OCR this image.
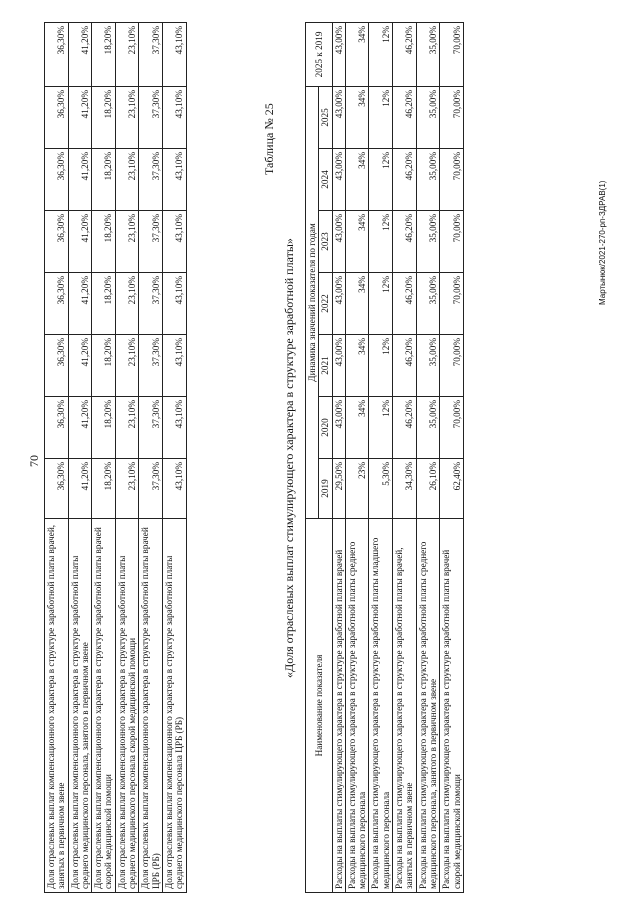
70
Доля отраслевых выплат компенсационного характера в структуре заработной платы врачей, занятых в первичном звене	36,30%	36,30%	36,30%	36,30%	36,30%	36,30%	36,30%	36,30%
Доля отраслевых выплат компенсационного характера в структуре заработной платы среднего медицинского персонала, занятого в первичном звене	41,20%	41,20%	41,20%	41,20%	41,20%	41,20%	41,20%	41,20%
Доля отраслевых выплат компенсационного характера в структуре заработной платы врачей скорой медицинской помощи	18,20%	18,20%	18,20%	18,20%	18,20%	18,20%	18,20%	18,20%
Доля отраслевых выплат компенсационного характера в структуре заработной платы среднего медицинского персонала скорой медицинской помощи	23,10%	23,10%	23,10%	23,10%	23,10%	23,10%	23,10%	23,10%
Доля отраслевых выплат компенсационного характера в структуре заработной платы врачей ЦРБ (РБ)	37,30%	37,30%	37,30%	37,30%	37,30%	37,30%	37,30%	37,30%
Доля отраслевых выплат компенсационного характера в структуре заработной платы среднего медицинского персонала ЦРБ (РБ)	43,10%	43,10%	43,10%	43,10%	43,10%	43,10%	43,10%	43,10%
Таблица № 25
«Доля отраслевых выплат стимулирующего характера в структуре заработной платы»
Наименование показателя	Динамика значений показателя по годам							2025 к 2019
	2019	2020	2021	2022	2023	2024	2025	
Расходы на выплаты стимулирующего характера в структуре заработной платы врачей	29,50%	43,00%	43,00%	43,00%	43,00%	43,00%	43,00%	43,00%
Расходы на выплаты стимулирующего характера в структуре заработной платы среднего медицинского персонала	23%	34%	34%	34%	34%	34%	34%	34%
Расходы на выплаты стимулирующего характера в структуре заработной платы младшего медицинского персонала	5,30%	12%	12%	12%	12%	12%	12%	12%
Расходы на выплаты стимулирующего характера в структуре заработной платы врачей, занятых в первичном звене	34,30%	46,20%	46,20%	46,20%	46,20%	46,20%	46,20%	46,20%
Расходы на выплаты стимулирующего характера в структуре заработной платы среднего медицинского персонала, занятого в первичном звене	26,10%	35,00%	35,00%	35,00%	35,00%	35,00%	35,00%	35,00%
Расходы на выплаты стимулирующего характера в структуре заработной платы врачей скорой медицинской помощи	62,40%	70,00%	70,00%	70,00%	70,00%	70,00%	70,00%	70,00%
Мартынюк/2021-270-рп-ЗДРАВ(1)
